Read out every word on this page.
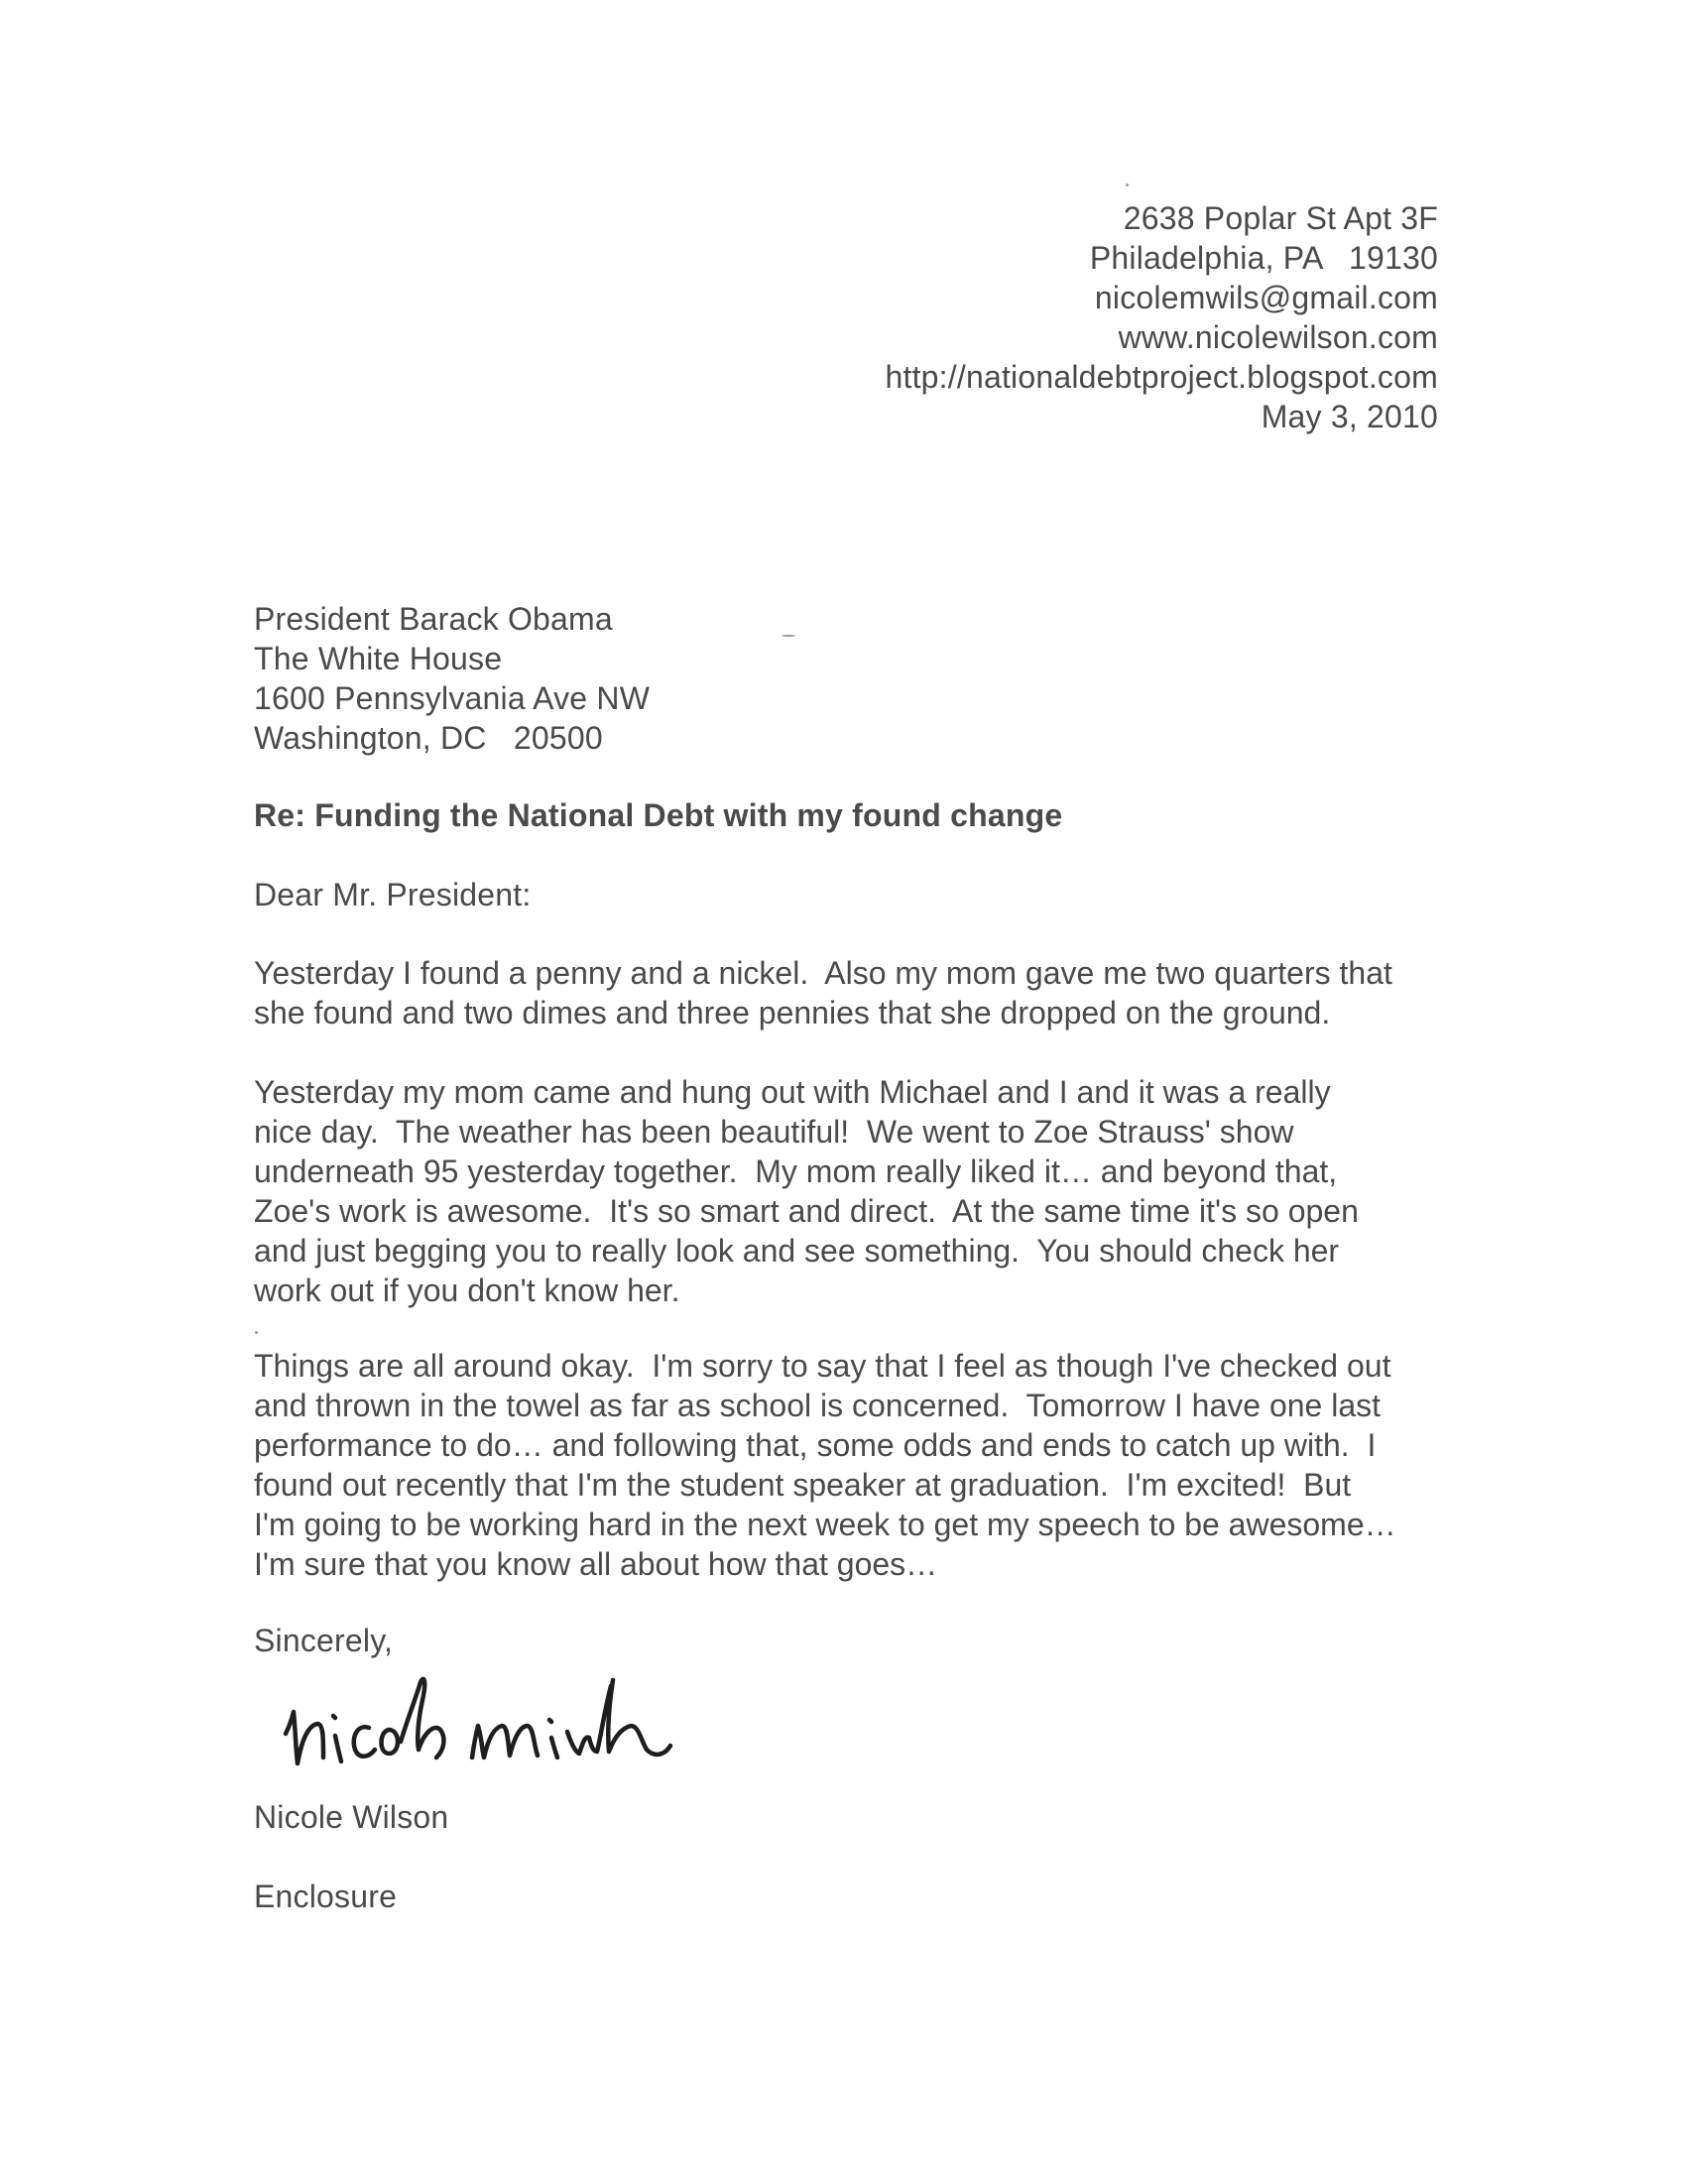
2638 Poplar St Apt 3F
Philadelphia, PA   19130
nicolemwils@gmail.com
www.nicolewilson.com
http://nationaldebtproject.blogspot.com
May 3, 2010
President Barack Obama
The White House
1600 Pennsylvania Ave NW
Washington, DC   20500
Re: Funding the National Debt with my found change
Dear Mr. President:
Yesterday I found a penny and a nickel.  Also my mom gave me two quarters that
she found and two dimes and three pennies that she dropped on the ground.
Yesterday my mom came and hung out with Michael and I and it was a really
nice day.  The weather has been beautiful!  We went to Zoe Strauss' show
underneath 95 yesterday together.  My mom really liked it… and beyond that,
Zoe's work is awesome.  It's so smart and direct.  At the same time it's so open
and just begging you to really look and see something.  You should check her
work out if you don't know her.
Things are all around okay.  I'm sorry to say that I feel as though I've checked out
and thrown in the towel as far as school is concerned.  Tomorrow I have one last
performance to do… and following that, some odds and ends to catch up with.  I
found out recently that I'm the student speaker at graduation.  I'm excited!  But
I'm going to be working hard in the next week to get my speech to be awesome…
I'm sure that you know all about how that goes…
Sincerely,
Nicole Wilson
Enclosure
